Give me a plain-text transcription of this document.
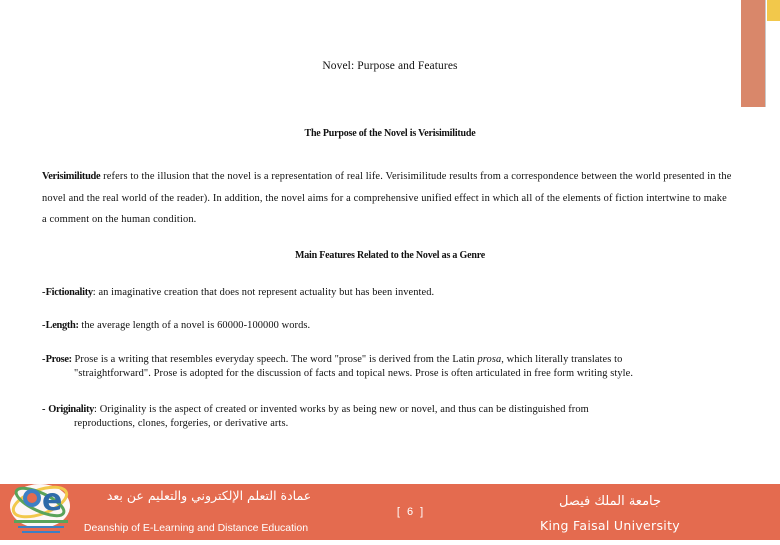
Novel: Purpose and Features
The Purpose of the Novel is Verisimilitude
Verisimilitude refers to the illusion that the novel is a representation of real life. Verisimilitude results from a correspondence between the world presented in the novel and the real world of the reader). In addition, the novel aims for a comprehensive unified effect in which all of the elements of fiction intertwine to make a comment on the human condition.
Main Features Related to the Novel as a Genre
-Fictionality: an imaginative creation that does not represent actuality but has been invented.
-Length: the average length of a novel is 60000-100000 words.
-Prose: Prose is a writing that resembles everyday speech. The word "prose" is derived from the Latin prosa, which literally translates to
"straightforward". Prose is adopted for the discussion of facts and topical news. Prose is often articulated in free form writing style.
- Originality: Originality is the aspect of created or invented works by as being new or novel, and thus can be distinguished from
reproductions, clones, forgeries, or derivative arts.
e	عمادة التعلم الإلكتروني والتعليم عن بعد
Deanship of E-Learning and Distance Education
[ 6 ]
جامعة الملك فيصل
King Faisal University
